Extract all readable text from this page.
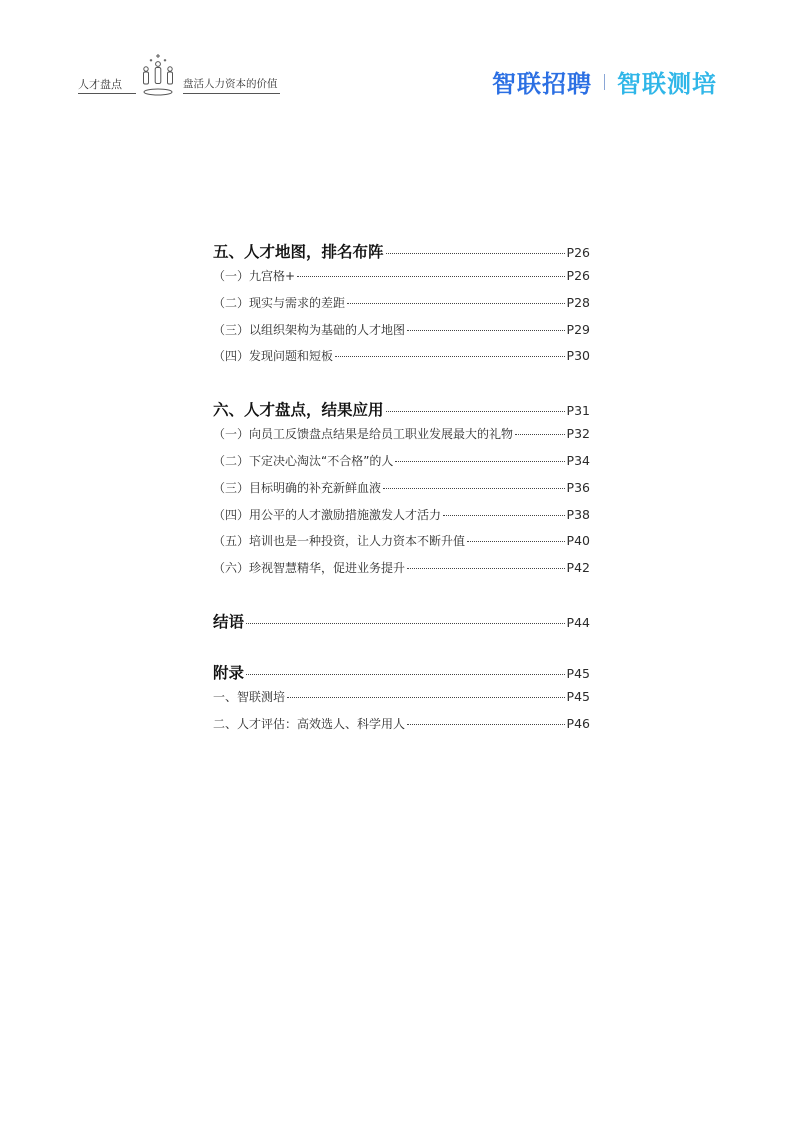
人才盘点	盘活人力资本的价值	智联招聘 智联测培
五、人才地图，排名布阵	P26
（一）九宫格+	P26
（二）现实与需求的差距	P28
（三）以组织架构为基础的人才地图	P29
（四）发现问题和短板	P30
六、人才盘点，结果应用	P31
（一）向员工反馈盘点结果是给员工职业发展最大的礼物	P32
（二）下定决心淘汰“不合格”的人	P34
（三）目标明确的补充新鲜血液	P36
（四）用公平的人才激励措施激发人才活力	P38
（五）培训也是一种投资，让人力资本不断升值	P40
（六）珍视智慧精华，促进业务提升	P42
结语	P44
附录	P45
一、智联测培	P45
二、人才评估：高效选人、科学用人	P46
